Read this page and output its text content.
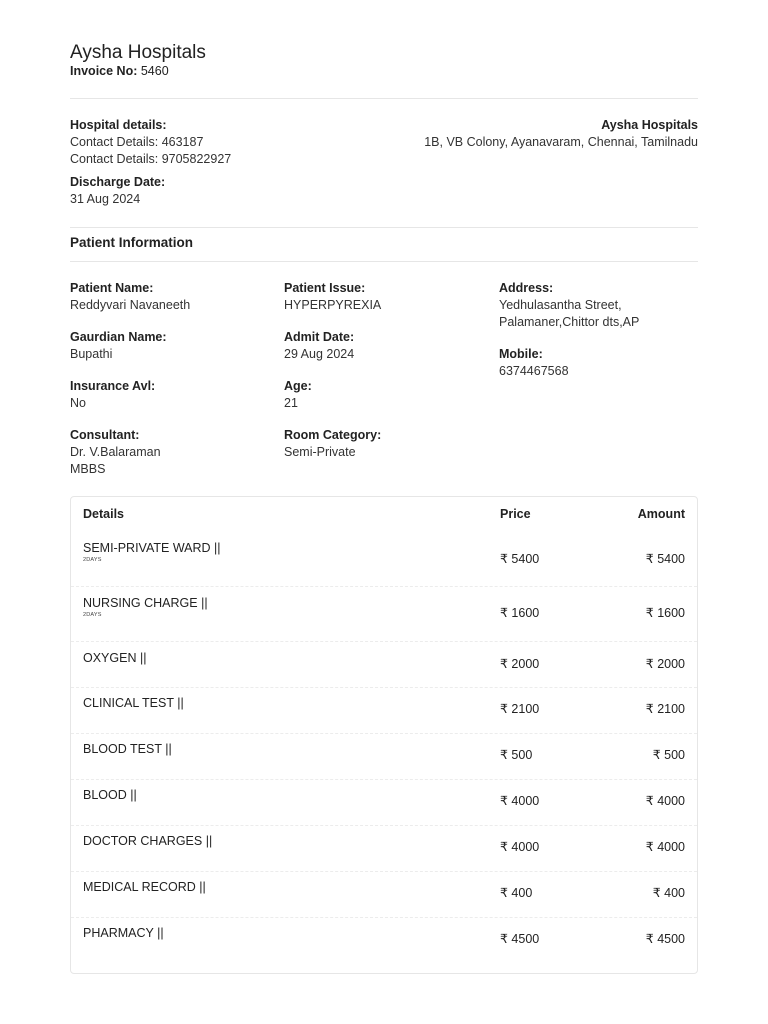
Aysha Hospitals
Invoice No: 5460
Hospital details:
Contact Details: 463187
Contact Details: 9705822927
Aysha Hospitals
1B, VB Colony, Ayanavaram, Chennai, Tamilnadu
Discharge Date:
31 Aug 2024
Patient Information
Patient Name:
Reddyvari Navaneeth
Patient Issue:
HYPERPYREXIA
Address:
Yedhulasantha Street,
Palamaner,Chittor dts,AP
Gaurdian Name:
Bupathi
Admit Date:
29 Aug 2024	Mobile:
6374467568
Insurance Avl:
No
Age:
21
Consultant:
Dr. V.Balaraman
MBBS
Room Category:
Semi-Private
Details	Price	Amount
SEMI-PRIVATE WARD ||
2DAYS	₹ 5400	₹ 5400
NURSING CHARGE ||
2DAYS	₹ 1600	₹ 1600
OXYGEN ||	₹ 2000	₹ 2000
CLINICAL TEST ||	₹ 2100	₹ 2100
BLOOD TEST ||	₹ 500	₹ 500
BLOOD ||	₹ 4000	₹ 4000
DOCTOR CHARGES ||	₹ 4000	₹ 4000
MEDICAL RECORD ||	₹ 400	₹ 400
PHARMACY ||	₹ 4500	₹ 4500
